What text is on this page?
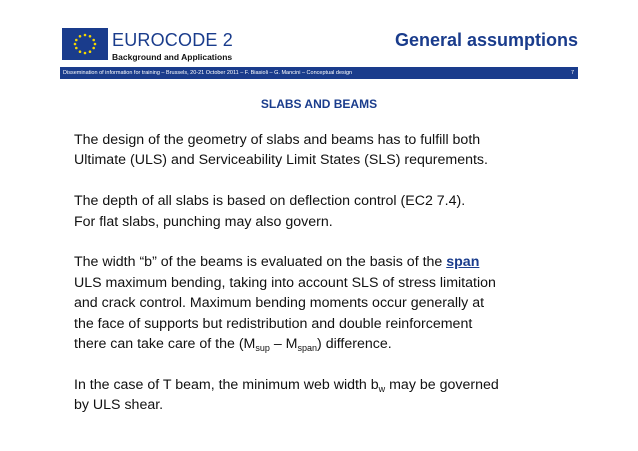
EUROCODE 2
Background and Applications
General assumptions
Dissemination of information for training – Brussels, 20-21 October 2011 – F. Biasioli – G. Mancini – Conceptual design	7
SLABS AND BEAMS

The design of the geometry of slabs and beams has to fulfill both
Ultimate (ULS) and Serviceability Limit States (SLS) requrements.

The depth of all slabs is based on deflection control (EC2 7.4).
For flat slabs, punching may also govern.

The width “b” of the beams is evaluated on the basis of the span
ULS maximum bending, taking into account SLS of stress limitation
and crack control. Maximum bending moments occur generally at
the face of supports but redistribution and double reinforcement
there can take care of the $(M_{sup} - M_{span})$ difference.

In the case of T beam, the minimum web width $b_w$ may be governed
by ULS shear.
